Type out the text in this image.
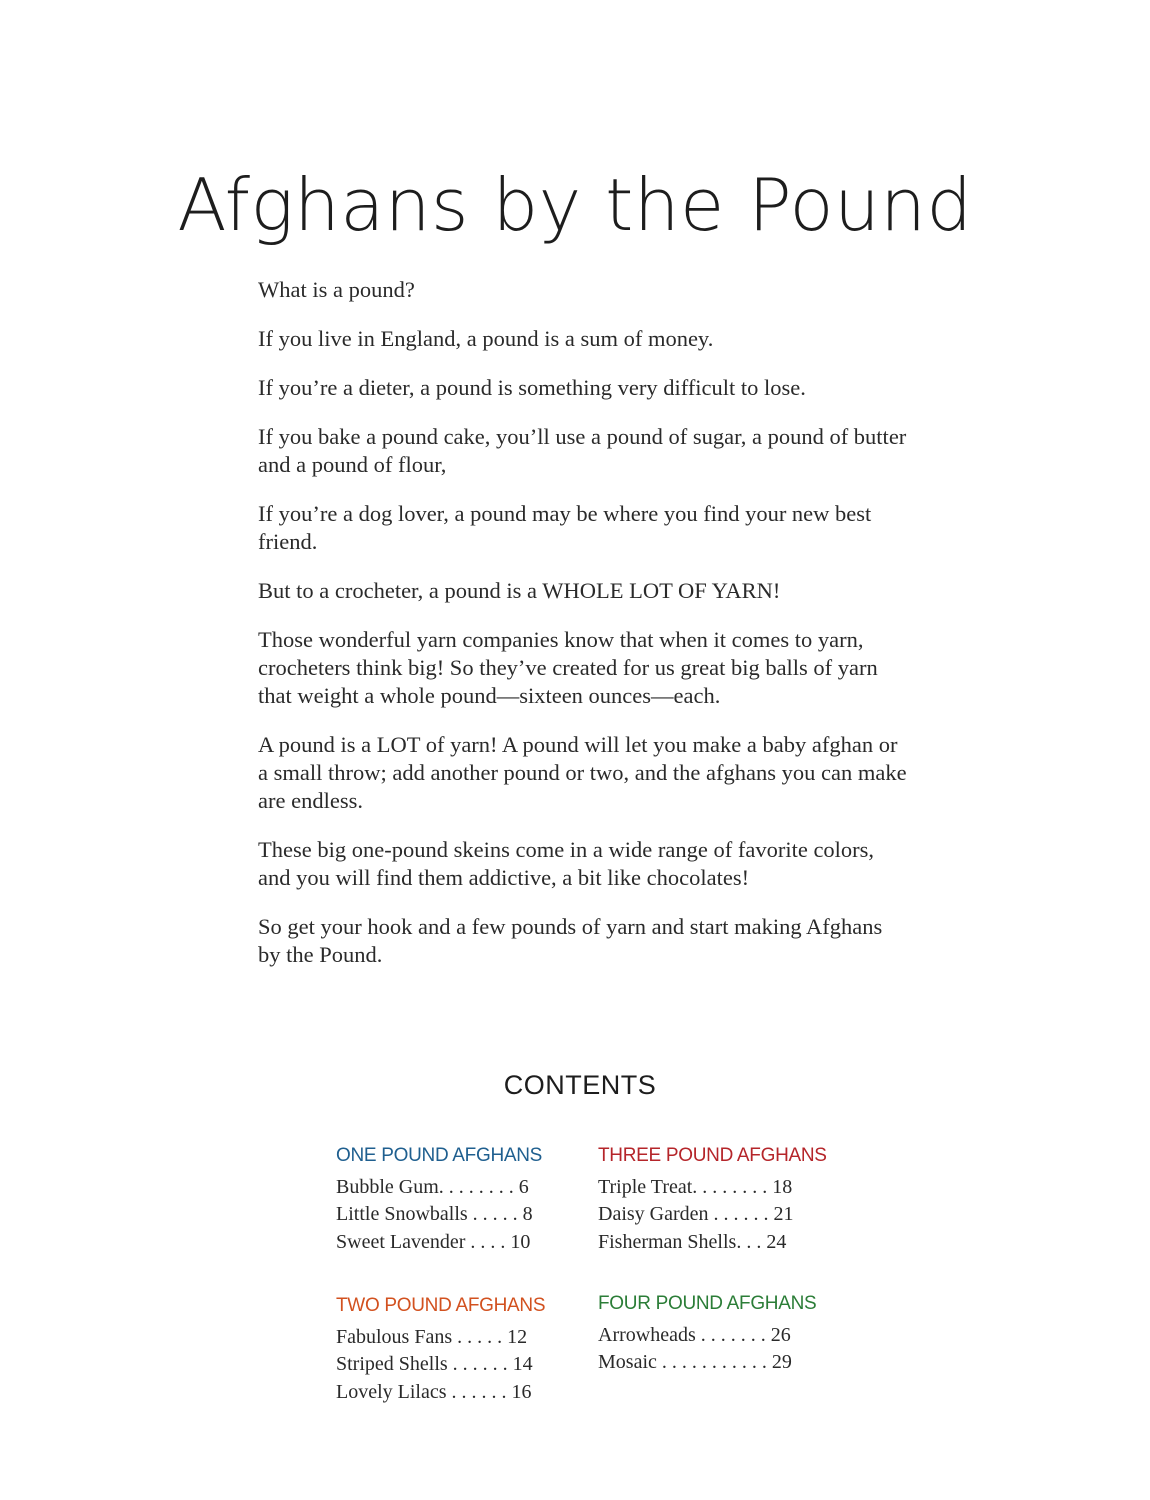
Afghans by the Pound

What is a pound?

If you live in England, a pound is a sum of money.

If you’re a dieter, a pound is something very difficult to lose.

If you bake a pound cake, you’ll use a pound of sugar, a pound of butter and a pound of flour,

If you’re a dog lover, a pound may be where you find your new best friend.

But to a crocheter, a pound is a WHOLE LOT OF YARN!

Those wonderful yarn companies know that when it comes to yarn, crocheters think big! So they’ve created for us great big balls of yarn that weight a whole pound—sixteen ounces—each.

A pound is a LOT of yarn! A pound will let you make a baby afghan or a small throw; add another pound or two, and the afghans you can make are endless.

These big one-pound skeins come in a wide range of favorite colors, and you will find them addictive, a bit like chocolates!

So get your hook and a few pounds of yarn and start making Afghans by the Pound.

CONTENTS
ONE POUND AFGHANS
Bubble Gum. . . . . . . . 6
Little Snowballs . . . . . 8
Sweet Lavender . . . . 10
TWO POUND AFGHANS
Fabulous Fans . . . . . 12
Striped Shells . . . . . . 14
Lovely Lilacs . . . . . . 16
THREE POUND AFGHANS
Triple Treat. . . . . . . . 18
Daisy Garden . . . . . . 21
Fisherman Shells. . . 24
FOUR POUND AFGHANS
Arrowheads . . . . . . . 26
Mosaic . . . . . . . . . . . 29
